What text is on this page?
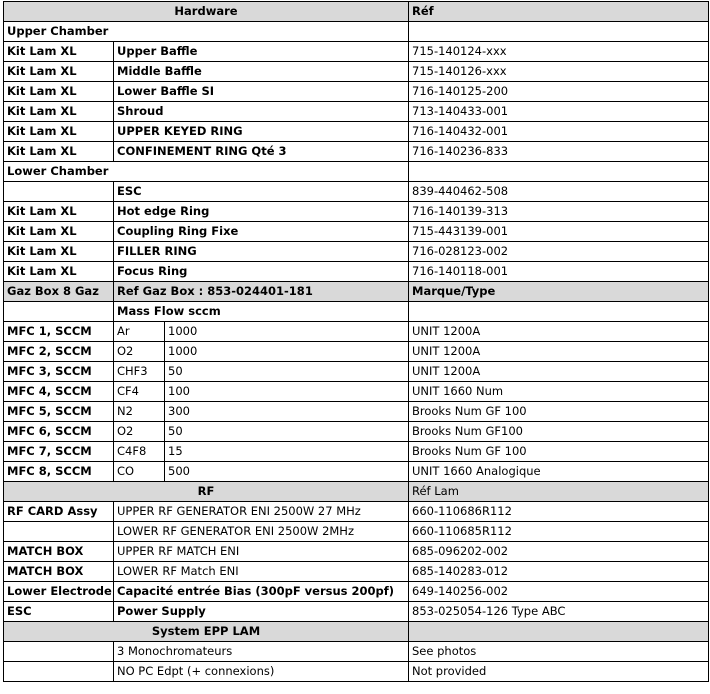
Hardware			Réf
Upper Chamber			
Kit Lam XL	Upper Baffle		715-140124-xxx
Kit Lam XL	Middle Baffle		715-140126-xxx
Kit Lam XL	Lower Baffle SI		716-140125-200
Kit Lam XL	Shroud		713-140433-001
Kit Lam XL	UPPER KEYED RING		716-140432-001
Kit Lam XL	CONFINEMENT RING Qté 3		716-140236-833
Lower Chamber			
	ESC		839-440462-508
Kit Lam XL	Hot edge Ring		716-140139-313
Kit Lam XL	Coupling Ring Fixe		715-443139-001
Kit Lam XL	FILLER RING		716-028123-002
Kit Lam XL	Focus Ring		716-140118-001
Gaz Box 8 Gaz	Ref Gaz Box : 853-024401-181		Marque/Type
	Mass Flow sccm		
MFC 1, SCCM	Ar	1000	UNIT 1200A
MFC 2, SCCM	O2	1000	UNIT 1200A
MFC 3, SCCM	CHF3	50	UNIT 1200A
MFC 4, SCCM	CF4	100	UNIT 1660 Num
MFC 5, SCCM	N2	300	Brooks Num GF 100
MFC 6, SCCM	O2	50	Brooks Num GF100
MFC 7, SCCM	C4F8	15	Brooks Num GF 100
MFC 8, SCCM	CO	500	UNIT 1660 Analogique
RF			Réf Lam
RF CARD Assy	UPPER RF GENERATOR ENI 2500W 27 MHz		660-110686R112
	LOWER RF GENERATOR ENI 2500W 2MHz		660-110685R112
MATCH BOX	UPPER RF MATCH ENI		685-096202-002
MATCH BOX	LOWER RF Match ENI		685-140283-012
Lower Electrode	Capacité entrée Bias (300pF versus 200pf)		649-140256-002
ESC	Power Supply		853-025054-126 Type ABC
System EPP LAM			
	3 Monochromateurs		See photos
	NO PC Edpt (+ connexions)		Not provided
